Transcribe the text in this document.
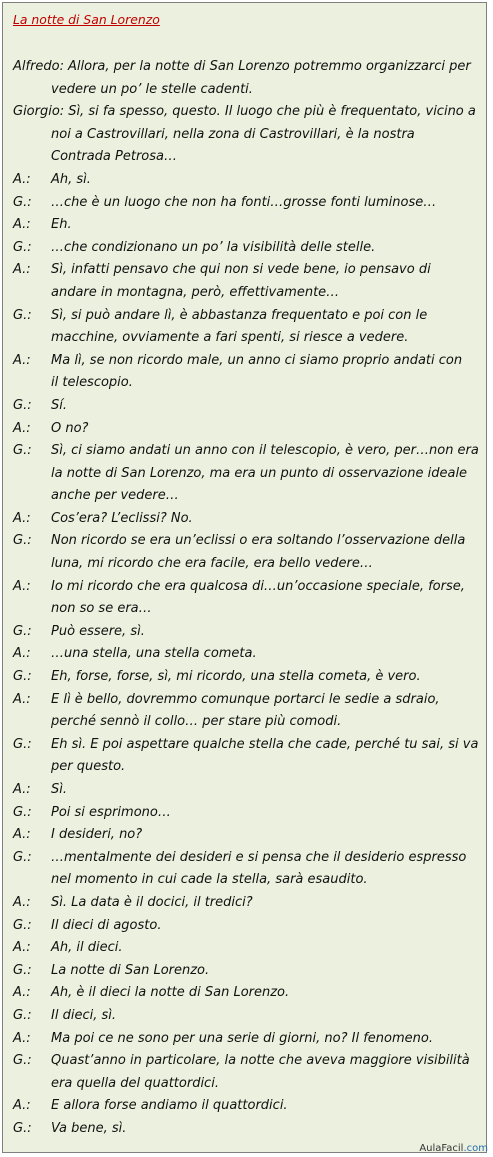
La notte di San Lorenzo
Alfredo: Allora, per la notte di San Lorenzo potremmo organizzarci per
vedere un po’ le stelle cadenti.
Giorgio: Sì, si fa spesso, questo. Il luogo che più è frequentato, vicino a
noi a Castrovillari, nella zona di Castrovillari, è la nostra
Contrada Petrosa…
A.:	Ah, sì.
G.:	…che è un luogo che non ha fonti…grosse fonti luminose…
A.:	Eh.
G.:	…che condizionano un po’ la visibilità delle stelle.
A.:	Sì, infatti pensavo che qui non si vede bene, io pensavo di
andare in montagna, però, effettivamente…
G.:	Sì, si può andare lì, è abbastanza frequentato e poi con le
macchine, ovviamente a fari spenti, si riesce a vedere.
A.:	Ma lì, se non ricordo male, un anno ci siamo proprio andati con
il telescopio.
G.:	Sí.
A.:	O no?
G.:	Sì, ci siamo andati un anno con il telescopio, è vero, per…non era
la notte di San Lorenzo, ma era un punto di osservazione ideale
anche per vedere…
A.:	Cos’era? L’eclissi? No.
G.:	Non ricordo se era un’eclissi o era soltando l’osservazione della
luna, mi ricordo che era facile, era bello vedere…
A.:	Io mi ricordo che era qualcosa di…un’occasione speciale, forse,
non so se era…
G.:	Può essere, sì.
A.:	…una stella, una stella cometa.
G.:	Eh, forse, forse, sì, mi ricordo, una stella cometa, è vero.
A.:	E lì è bello, dovremmo comunque portarci le sedie a sdraio,
perché sennò il collo… per stare più comodi.
G.:	Eh sì. E poi aspettare qualche stella che cade, perché tu sai, si va
per questo.
A.:	Sì.
G.:	Poi si esprimono…
A.:	I desideri, no?
G.:	…mentalmente dei desideri e si pensa che il desiderio espresso
nel momento in cui cade la stella, sarà esaudito.
A.:	Sì. La data è il docici, il tredici?
G.:	Il dieci di agosto.
A.:	Ah, il dieci.
G.:	La notte di San Lorenzo.
A.:	Ah, è il dieci la notte di San Lorenzo.
G.:	Il dieci, sì.
A.:	Ma poi ce ne sono per una serie di giorni, no? Il fenomeno.
G.:	Quast’anno in particolare, la notte che aveva maggiore visibilità
era quella del quattordici.
A.:	E allora forse andiamo il quattordici.
G.:	Va bene, sì.
AulaFacil.com
